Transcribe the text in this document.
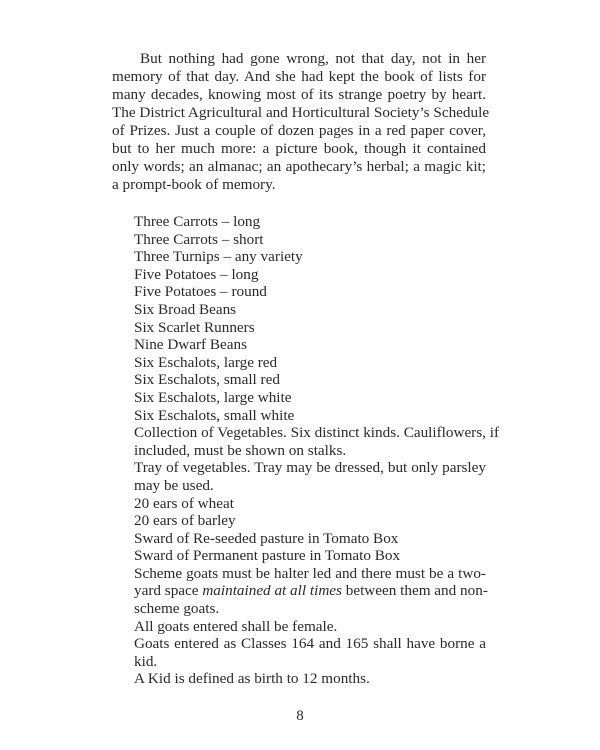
But nothing had gone wrong, not that day, not in her
memory of that day. And she had kept the book of lists for
many decades, knowing most of its strange poetry by heart.
The District Agricultural and Horticultural Society’s Schedule
of Prizes. Just a couple of dozen pages in a red paper cover,
but to her much more: a picture book, though it contained
only words; an almanac; an apothecary’s herbal; a magic kit;
a prompt-book of memory.
Three Carrots – long
Three Carrots – short
Three Turnips – any variety
Five Potatoes – long
Five Potatoes – round
Six Broad Beans
Six Scarlet Runners
Nine Dwarf Beans
Six Eschalots, large red
Six Eschalots, small red
Six Eschalots, large white
Six Eschalots, small white
Collection of Vegetables. Six distinct kinds. Cauliflowers, if
included, must be shown on stalks.
Tray of vegetables. Tray may be dressed, but only parsley
may be used.
20 ears of wheat
20 ears of barley
Sward of Re-seeded pasture in Tomato Box
Sward of Permanent pasture in Tomato Box
Scheme goats must be halter led and there must be a two-
yard space maintained at all times between them and non-
scheme goats.
All goats entered shall be female.
Goats entered as Classes 164 and 165 shall have borne a
kid.
A Kid is defined as birth to 12 months.
8
